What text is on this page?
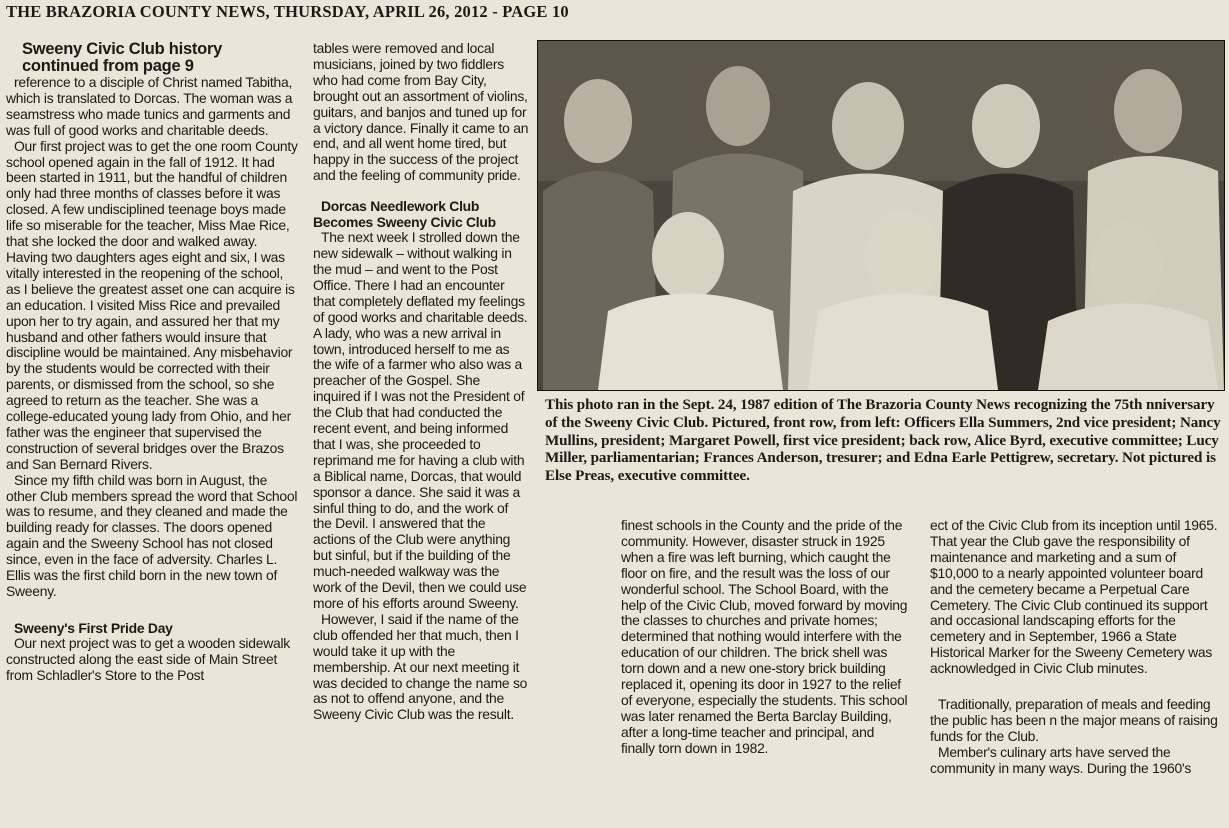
THE BRAZORIA COUNTY NEWS, THURSDAY, APRIL 26, 2012 - PAGE 10
Sweeny Civic Club history
continued from page 9

reference to a disciple of Christ named Tabitha, which is translated to Dorcas. The woman was a seamstress who made tunics and garments and was full of good works and charitable deeds.

Our first project was to get the one room County school opened again in the fall of 1912. It had been started in 1911, but the handful of children only had three months of classes before it was closed. A few undisciplined teenage boys made life so miserable for the teacher, Miss Mae Rice, that she locked the door and walked away. Having two daughters ages eight and six, I was vitally interested in the reopening of the school, as I believe the greatest asset one can acquire is an education. I visited Miss Rice and prevailed upon her to try again, and assured her that my husband and other fathers would insure that discipline would be maintained. Any misbehavior by the students would be corrected with their parents, or dismissed from the school, so she agreed to return as the teacher. She was a college-educated young lady from Ohio, and her father was the engineer that supervised the construction of several bridges over the Brazos and San Bernard Rivers.

Since my fifth child was born in August, the other Club members spread the word that School was to resume, and they cleaned and made the building ready for classes. The doors opened again and the Sweeny School has not closed since, even in the face of adversity. Charles L. Ellis was the first child born in the new town of Sweeny.

Sweeny's First Pride Day

Our next project was to get a wooden sidewalk constructed along the east side of Main Street from Schladler's Store to the Post

tables were removed and local musicians, joined by two fiddlers who had come from Bay City, brought out an assortment of violins, guitars, and banjos and tuned up for a victory dance. Finally it came to an end, and all went home tired, but happy in the success of the project and the feeling of community pride.

Dorcas Needlework Club
Becomes Sweeny Civic Club

The next week I strolled down the new sidewalk – without walking in the mud – and went to the Post Office. There I had an encounter that completely deflated my feelings of good works and charitable deeds. A lady, who was a new arrival in town, introduced herself to me as the wife of a farmer who also was a preacher of the Gospel. She inquired if I was not the President of the Club that had conducted the recent event, and being informed that I was, she proceeded to reprimand me for having a club with a Biblical name, Dorcas, that would sponsor a dance. She said it was a sinful thing to do, and the work of the Devil. I answered that the actions of the Club were anything but sinful, but if the building of the much-needed walkway was the work of the Devil, then we could use more of his efforts around Sweeny.

However, I said if the name of the club offended her that much, then I would take it up with the membership. At our next meeting it was decided to change the name so as not to offend anyone, and the Sweeny Civic Club was the result.

This photo ran in the Sept. 24, 1987 edition of The Brazoria County News recognizing the 75th nniversary of the Sweeny Civic Club. Pictured, front row, from left: Officers Ella Summers, 2nd vice president; Nancy Mullins, president; Margaret Powell, first vice president; back row, Alice Byrd, executive committee; Lucy Miller, parliamentarian; Frances Anderson, tresurer; and Edna Earle Pettigrew, secretary. Not pictured is Else Preas, executive committee.

finest schools in the County and the pride of the community. However, disaster struck in 1925 when a fire was left burning, which caught the floor on fire, and the result was the loss of our wonderful school. The School Board, with the help of the Civic Club, moved forward by moving the classes to churches and private homes; determined that nothing would interfere with the education of our children. The brick shell was torn down and a new one-story brick building replaced it, opening its door in 1927 to the relief of everyone, especially the students. This school was later renamed the Berta Barclay Building, after a long-time teacher and principal, and finally torn down in 1982.

ect of the Civic Club from its inception until 1965. That year the Club gave the responsibility of maintenance and marketing and a sum of $10,000 to a nearly appointed volunteer board and the cemetery became a Perpetual Care Cemetery. The Civic Club continued its support and occasional landscaping efforts for the cemetery and in September, 1966 a State Historical Marker for the Sweeny Cemetery was acknowledged in Civic Club minutes.

Traditionally, preparation of meals and feeding the public has been n the major means of raising funds for the Club.

Member's culinary arts have served the community in many ways. During the 1960's
